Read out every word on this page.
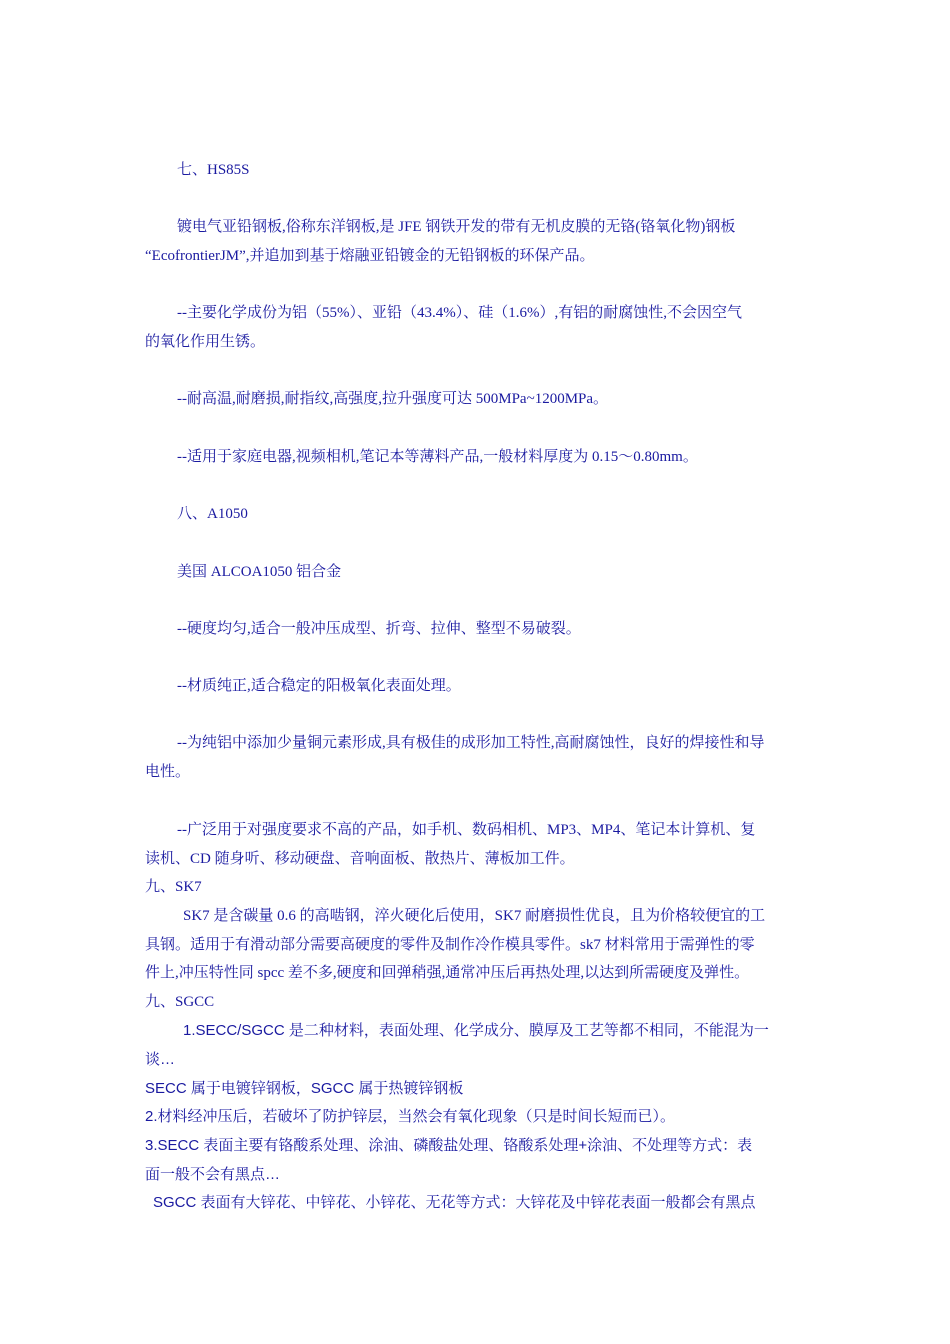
七、HS85S
镀电气亚铅钢板,俗称东洋钢板,是 JFE 钢铁开发的带有无机皮膜的无铬(铬氧化物)钢板
“EcofrontierJM”,并追加到基于熔融亚铅镀金的无铅钢板的环保产品。
--主要化学成份为铝（55%）、亚铅（43.4%）、硅（1.6%）,有铝的耐腐蚀性,不会因空气
的氧化作用生锈。
--耐高温,耐磨损,耐指纹,高强度,拉升强度可达 500MPa~1200MPa。
--适用于家庭电器,视频相机,笔记本等薄料产品,一般材料厚度为 0.15～0.80mm。
八、A1050
美国 ALCOA1050 铝合金
--硬度均匀,适合一般冲压成型、折弯、拉伸、整型不易破裂。
--材质纯正,适合稳定的阳极氧化表面处理。
--为纯铝中添加少量铜元素形成,具有极佳的成形加工特性,高耐腐蚀性，良好的焊接性和导
电性。
--广泛用于对强度要求不高的产品，如手机、数码相机、MP3、MP4、笔记本计算机、复
读机、CD 随身听、移动硬盘、音响面板、散热片、薄板加工件。
九、SK7
SK7 是含碳量 0.6 的高啮钢，淬火硬化后使用，SK7 耐磨损性优良，且为价格较便宜的工
具钢。适用于有滑动部分需要高硬度的零件及制作冷作模具零件。sk7 材料常用于需弹性的零
件上,冲压特性同 spcc 差不多,硬度和回弹稍强,通常冲压后再热处理,以达到所需硬度及弹性。
九、SGCC
1.SECC/SGCC 是二种材料，表面处理、化学成分、膜厚及工艺等都不相同，不能混为一
谈…
SECC 属于电镀锌钢板，SGCC 属于热镀锌钢板
2.材料经冲压后，若破坏了防护锌层，当然会有氧化现象（只是时间长短而已）。
3.SECC 表面主要有铬酸系处理、涂油、磷酸盐处理、铬酸系处理+涂油、不处理等方式：表
面一般不会有黑点…
SGCC 表面有大锌花、中锌花、小锌花、无花等方式：大锌花及中锌花表面一般都会有黑点
